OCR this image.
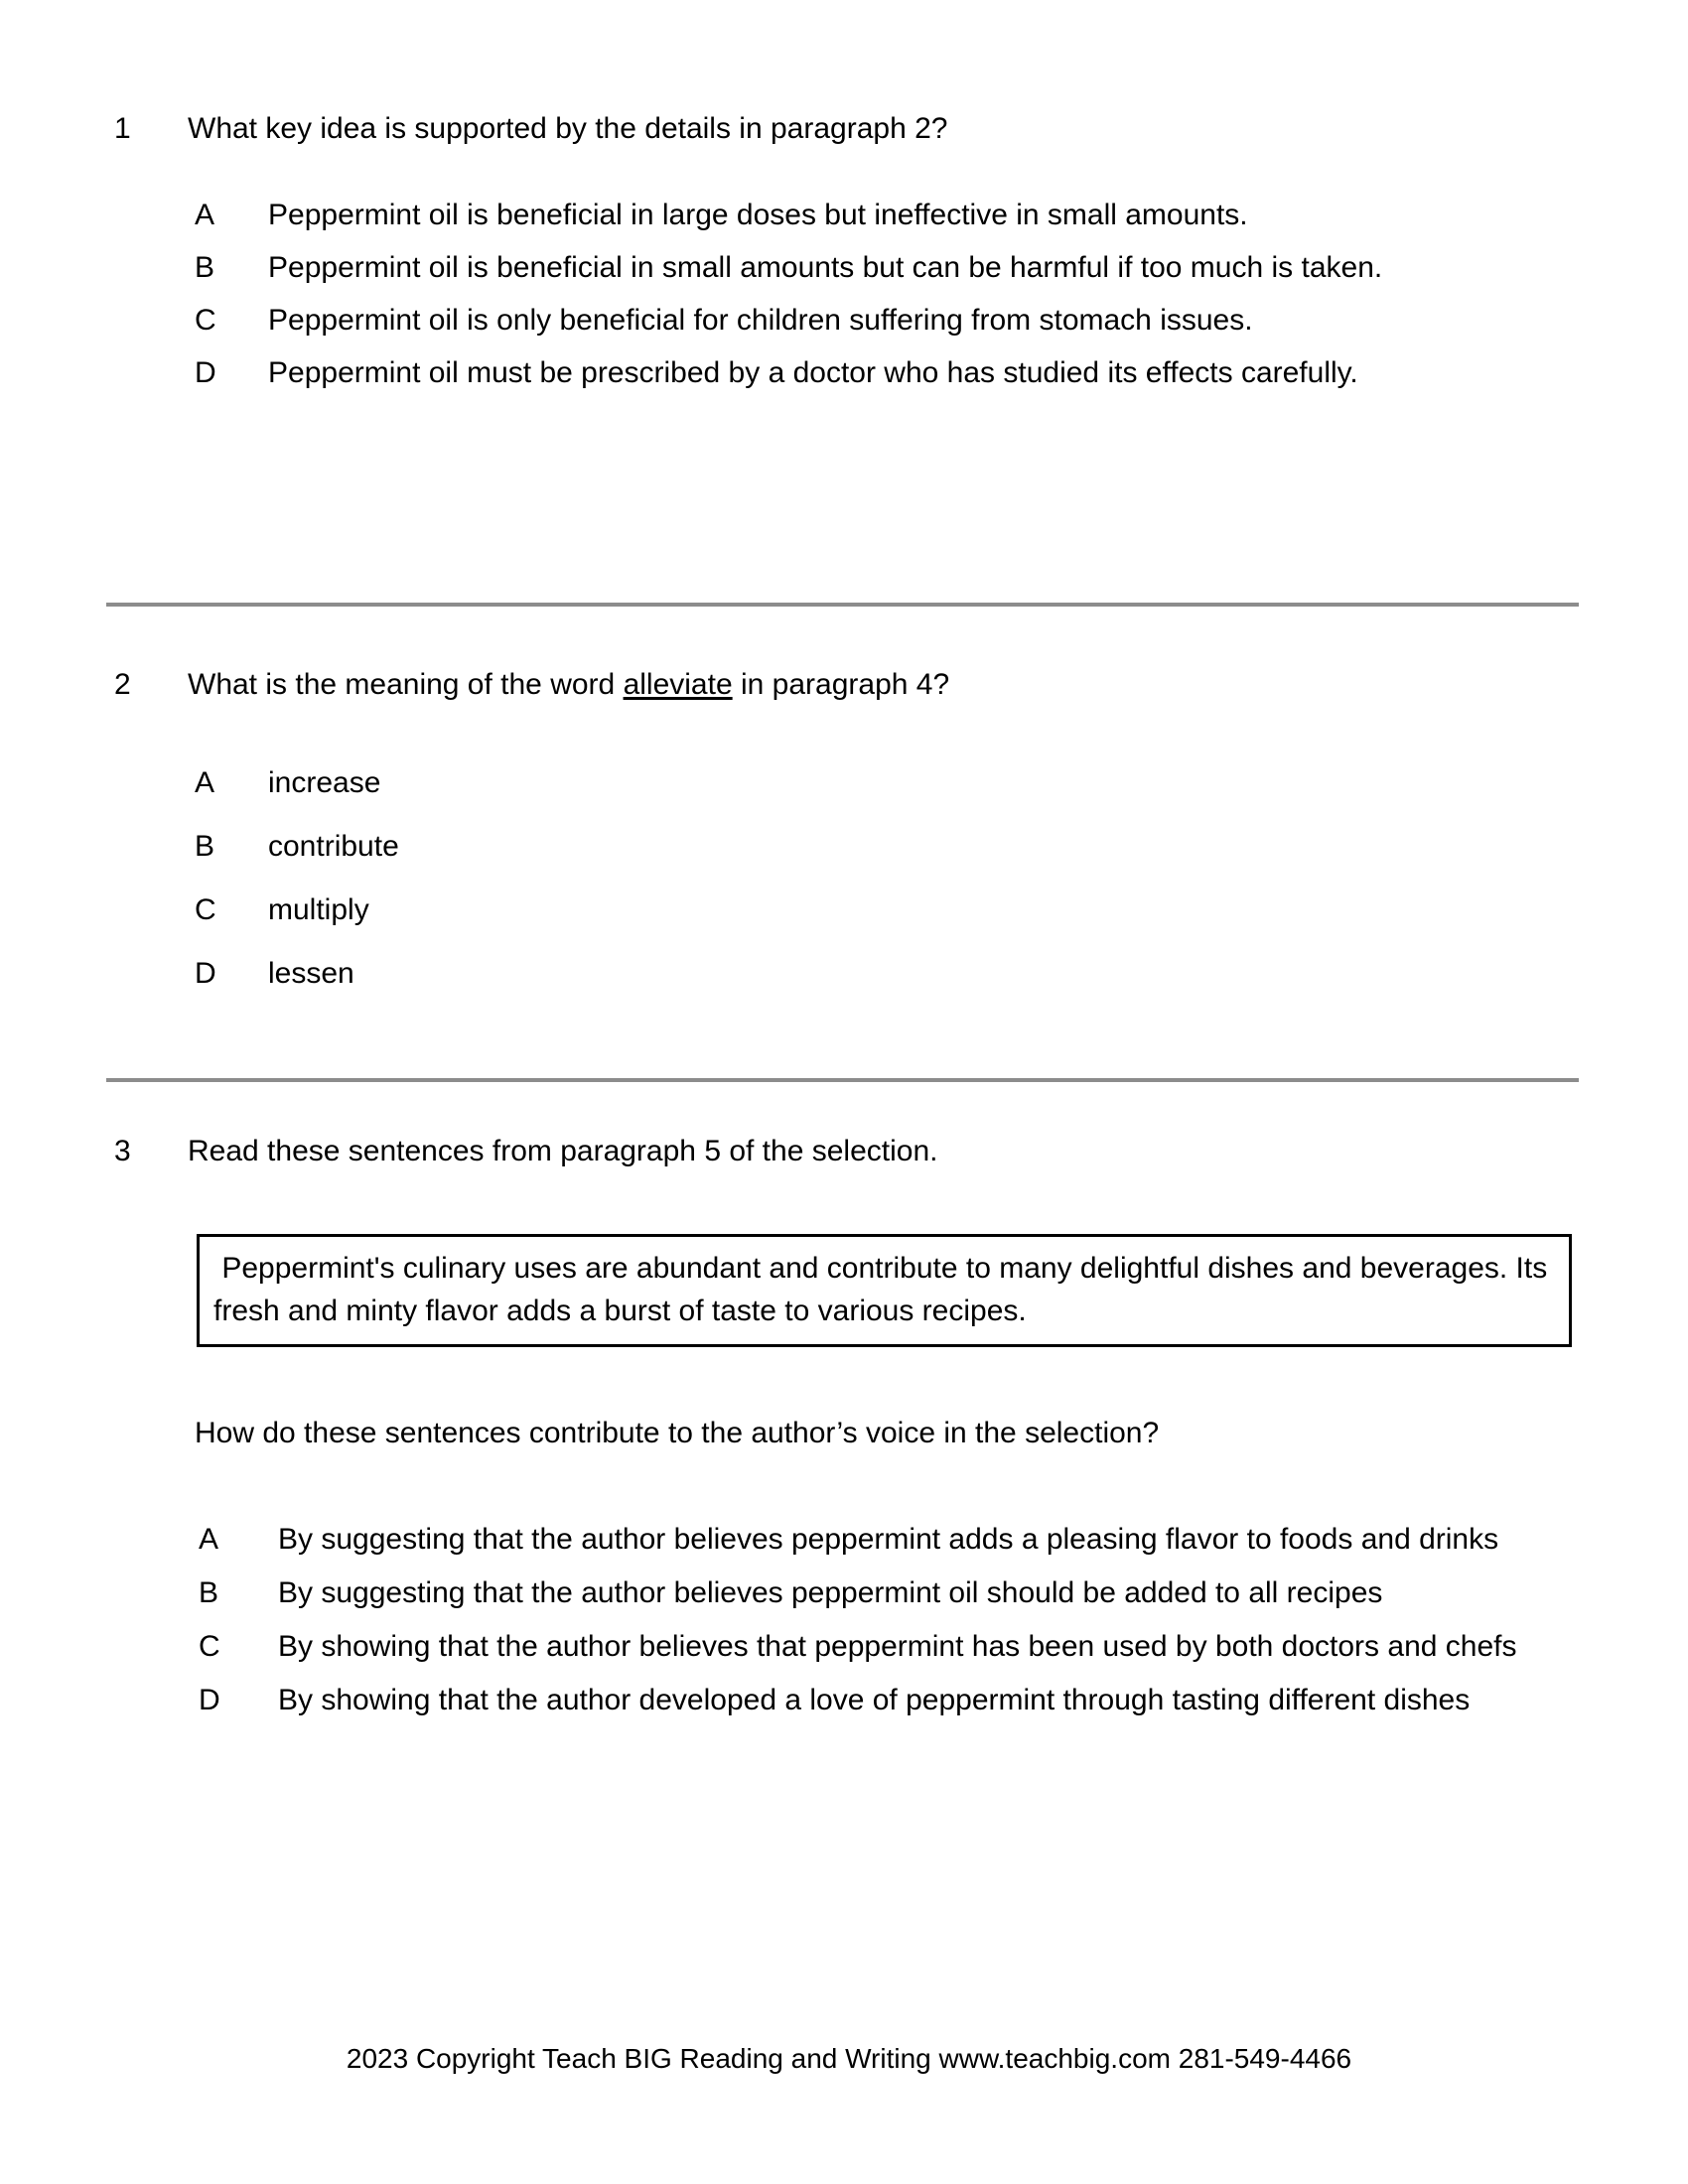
1	What key idea is supported by the details in paragraph 2?
A	Peppermint oil is beneficial in large doses but ineffective in small amounts.
B	Peppermint oil is beneficial in small amounts but can be harmful if too much is taken.
C	Peppermint oil is only beneficial for children suffering from stomach issues.
D	Peppermint oil must be prescribed by a doctor who has studied its effects carefully.
2	What is the meaning of the word alleviate in paragraph 4?
A	increase
B	contribute
C	multiply
D	lessen
3	Read these sentences from paragraph 5 of the selection.
Peppermint's culinary uses are abundant and contribute to many delightful dishes and beverages. Its fresh and minty flavor adds a burst of taste to various recipes.
How do these sentences contribute to the author’s voice in the selection?
A	By suggesting that the author believes peppermint adds a pleasing flavor to foods and drinks
B	By suggesting that the author believes peppermint oil should be added to all recipes
C	By showing that the author believes that peppermint has been used by both doctors and chefs
D	By showing that the author developed a love of peppermint through tasting different dishes
2023 Copyright Teach BIG Reading and Writing www.teachbig.com 281-549-4466
